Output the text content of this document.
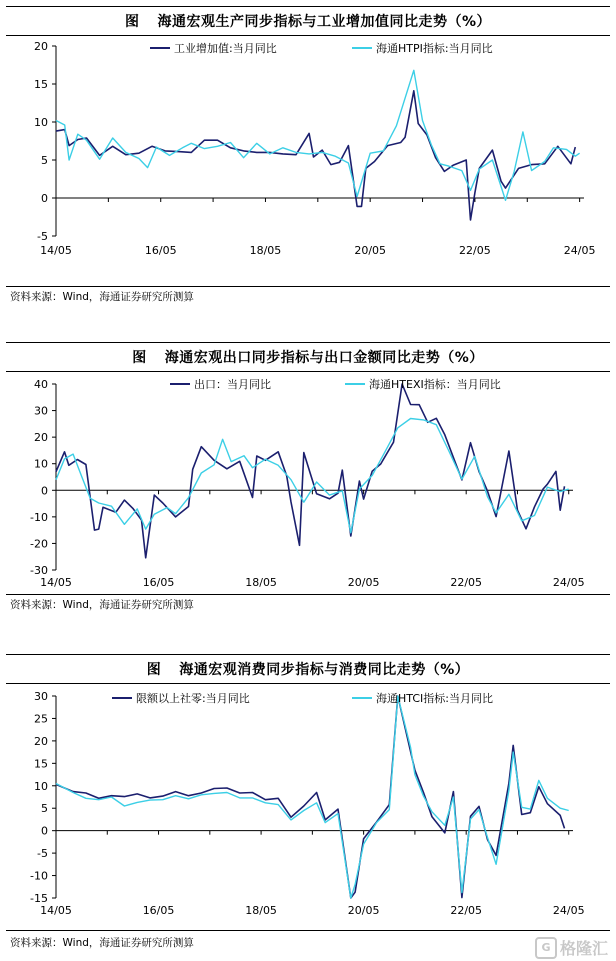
图 海通宏观生产同步指标与工业增加值同比走势（%）
-5
0
5
10
15
20
14/05	16/05	18/05	20/05	22/05	24/05
工业增加值:当月同比	海通HTPI指标:当月同比
资料来源：Wind，海通证券研究所测算
图 海通宏观出口同步指标与出口金额同比走势（%）
-30
-20
-10
0
10
20
30
40
14/05	16/05	18/05	20/05	22/05	24/05
出口：当月同比	海通HTEXI指标：当月同比
资料来源：Wind，海通证券研究所测算
图 海通宏观消费同步指标与消费同比走势（%）
-15
-10
-5
0
5
10
15
20
25
30
14/05	16/05	18/05	20/05	22/05	24/05
限额以上社零:当月同比	海通HTCI指标:当月同比
资料来源：Wind，海通证券研究所测算	G 格隆汇
